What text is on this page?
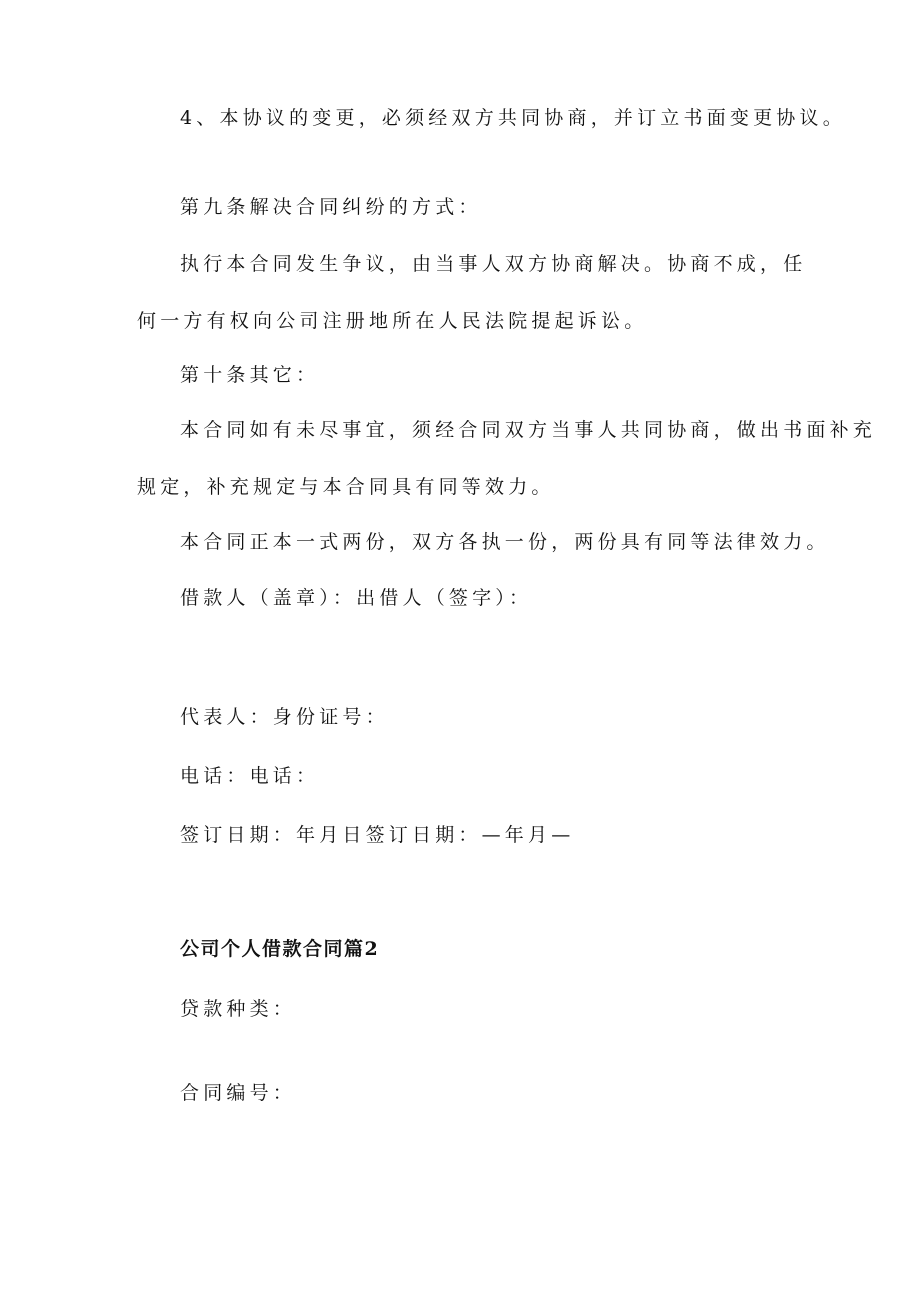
4、本协议的变更，必须经双方共同协商，并订立书面变更协议。

第九条解决合同纠纷的方式：

执行本合同发生争议，由当事人双方协商解决。协商不成，任

何一方有权向公司注册地所在人民法院提起诉讼。

第十条其它：

本合同如有未尽事宜，须经合同双方当事人共同协商，做出书面补充

规定，补充规定与本合同具有同等效力。

本合同正本一式两份，双方各执一份，两份具有同等法律效力。

借款人（盖章）：出借人（签字）：

代表人：身份证号：

电话：电话：

签订日期：年月日签订日期：—年月—

公司个人借款合同篇2

贷款种类：

合同编号：
